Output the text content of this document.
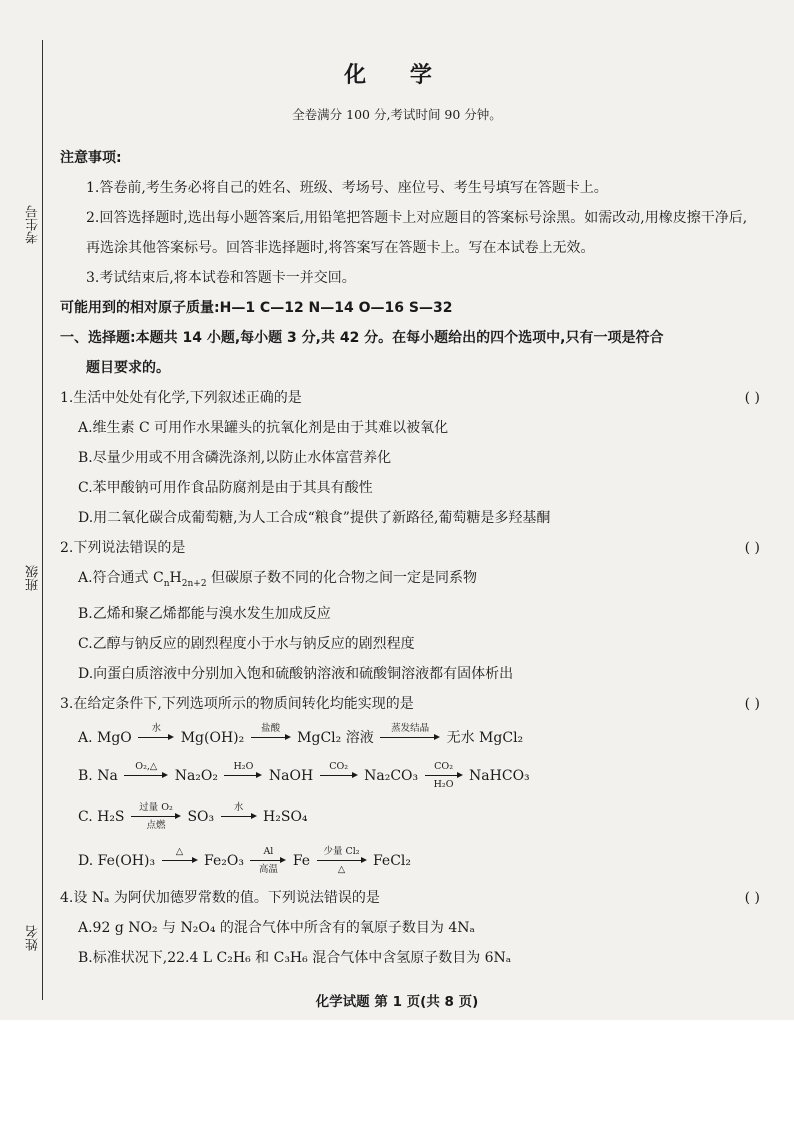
考生号
班级
姓名
化 学
全卷满分 100 分,考试时间 90 分钟。
注意事项:
1.答卷前,考生务必将自己的姓名、班级、考场号、座位号、考生号填写在答题卡上。
2.回答选择题时,选出每小题答案后,用铅笔把答题卡上对应题目的答案标号涂黑。如需改动,用橡皮擦干净后,再选涂其他答案标号。回答非选择题时,将答案写在答题卡上。写在本试卷上无效。
3.考试结束后,将本试卷和答题卡一并交回。
可能用到的相对原子质量:H—1 C—12 N—14 O—16 S—32
一、选择题:本题共 14 小题,每小题 3 分,共 42 分。在每小题给出的四个选项中,只有一项是符合
题目要求的。
1.生活中处处有化学,下列叙述正确的是	( )
A.维生素 C 可用作水果罐头的抗氧化剂是由于其难以被氧化
B.尽量少用或不用含磷洗涤剂,以防止水体富营养化
C.苯甲酸钠可用作食品防腐剂是由于其具有酸性
D.用二氧化碳合成葡萄糖,为人工合成“粮食”提供了新路径,葡萄糖是多羟基酮
2.下列说法错误的是	( )
A.符合通式 $C_nH_{2n+2}$ 但碳原子数不同的化合物之间一定是同系物
B.乙烯和聚乙烯都能与溴水发生加成反应
C.乙醇与钠反应的剧烈程度小于水与钠反应的剧烈程度
D.向蛋白质溶液中分别加入饱和硫酸钠溶液和硫酸铜溶液都有固体析出
3.在给定条件下,下列选项所示的物质间转化均能实现的是	( )
A. MgO
水
Mg(OH)₂
盐酸
MgCl₂ 溶液
蒸发结晶
无水 MgCl₂
B. Na
O₂,△
Na₂O₂
H₂O
NaOH
CO₂
Na₂CO₃
CO₂
H₂O
NaHCO₃
C. H₂S
过量 O₂
点燃
SO₃
水
H₂SO₄
D. Fe(OH)₃
△
Fe₂O₃
Al
高温
Fe
少量 Cl₂
△
FeCl₂
4.设 Nₐ 为阿伏加德罗常数的值。下列说法错误的是	( )
A.92 g NO₂ 与 N₂O₄ 的混合气体中所含有的氧原子数目为 4Nₐ
B.标准状况下,22.4 L C₂H₆ 和 C₃H₆ 混合气体中含氢原子数目为 6Nₐ
化学试题 第 1 页(共 8 页)
